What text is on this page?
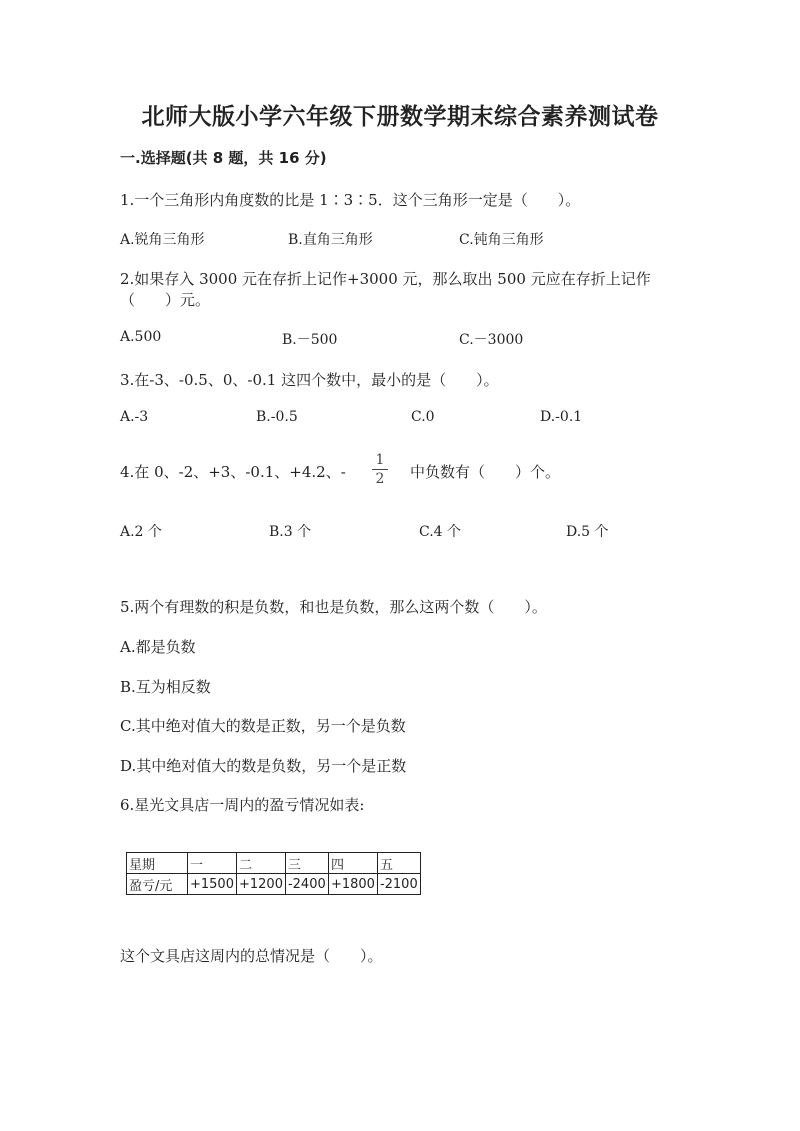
北师大版小学六年级下册数学期末综合素养测试卷
一.选择题(共 8 题，共 16 分)
1.一个三角形内角度数的比是 1∶3∶5．这个三角形一定是（　　）。
A.锐角三角形	B.直角三角形	C.钝角三角形
2.如果存入 3000 元在存折上记作+3000 元，那么取出 500 元应在存折上记作
（　　）元。
A.500	B.－500	C.－3000
3.在-3、-0.5、0、-0.1 这四个数中，最小的是（　　）。
A.-3	B.-0.5	C.0	D.-0.1
4.在 0、-2、+3、-0.1、+4.2、-
1
2 中负数有（　　）个。
A.2 个	B.3 个	C.4 个	D.5 个
5.两个有理数的积是负数，和也是负数，那么这两个数（　　）。
A.都是负数
B.互为相反数
C.其中绝对值大的数是正数，另一个是负数
D.其中绝对值大的数是负数，另一个是正数
6.星光文具店一周内的盈亏情况如表:
星期	一	二	三	四	五
盈亏/元	+1500	+1200	-2400	+1800	-2100
这个文具店这周内的总情况是（　　）。
